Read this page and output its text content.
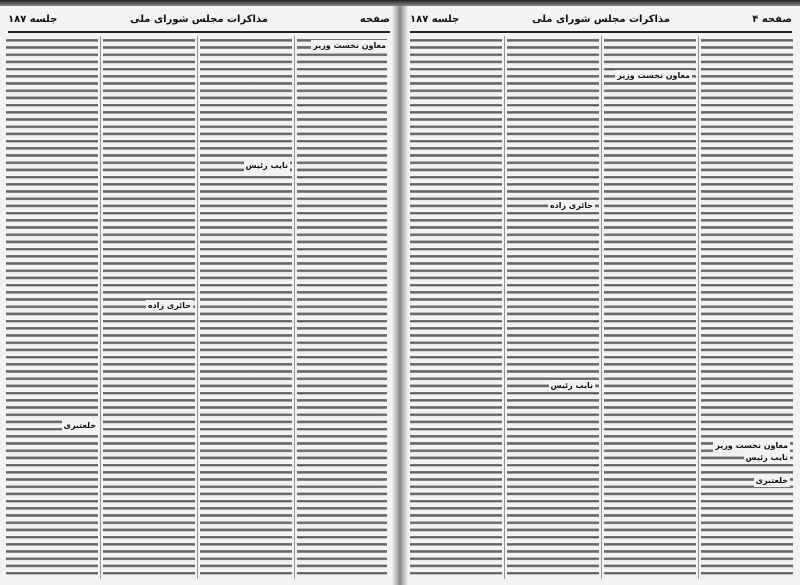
صفحه
مذاکرات مجلس شورای ملی
جلسه ۱۸۷
معاون نخست وزیر
نایب رئیس
حائری زاده
خلعتبری
صفحه ۴
مذاکرات مجلس شورای ملی
جلسه ۱۸۷
معاون نخست وزیر
نایب رئیس
حائری زاده
خلعتبری
معاون نخست وزیر
نایب رئیس
